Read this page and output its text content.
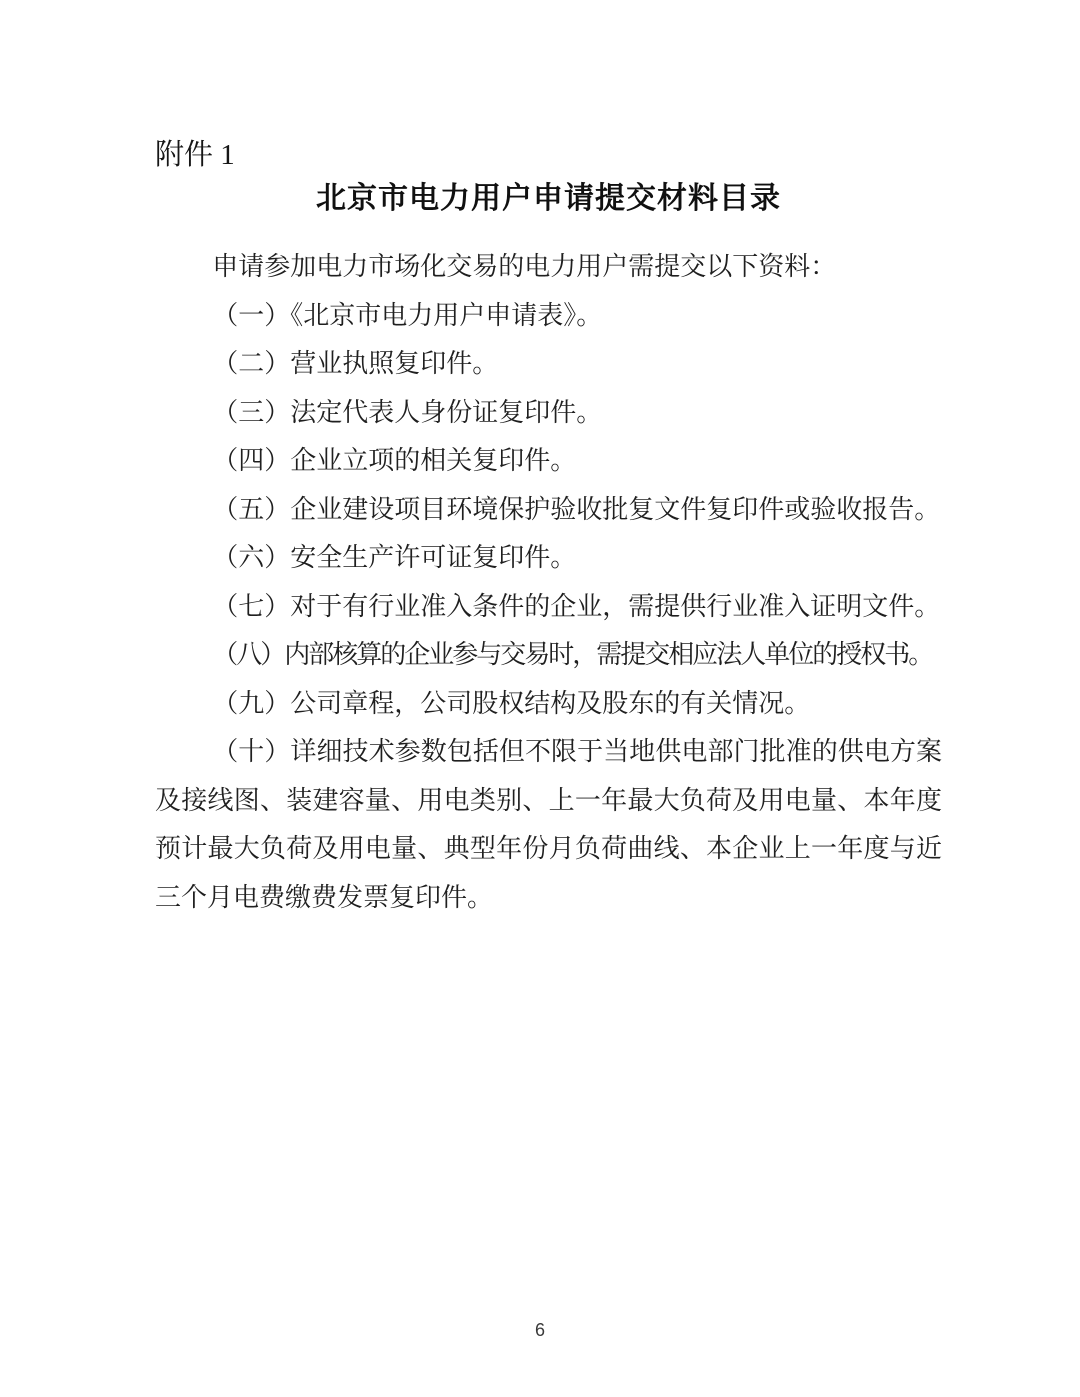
附件 1

北京市电力用户申请提交材料目录

申请参加电力市场化交易的电力用户需提交以下资料：

（一）《北京市电力用户申请表》。

（二）营业执照复印件。

（三）法定代表人身份证复印件。

（四）企业立项的相关复印件。

（五）企业建设项目环境保护验收批复文件复印件或验收报告。

（六）安全生产许可证复印件。

（七）对于有行业准入条件的企业，需提供行业准入证明文件。

（八）内部核算的企业参与交易时，需提交相应法人单位的授权书。

（九）公司章程，公司股权结构及股东的有关情况。

（十）详细技术参数包括但不限于当地供电部门批准的供电方案及接线图、装建容量、用电类别、上一年最大负荷及用电量、本年度预计最大负荷及用电量、典型年份月负荷曲线、本企业上一年度与近三个月电费缴费发票复印件。

6
